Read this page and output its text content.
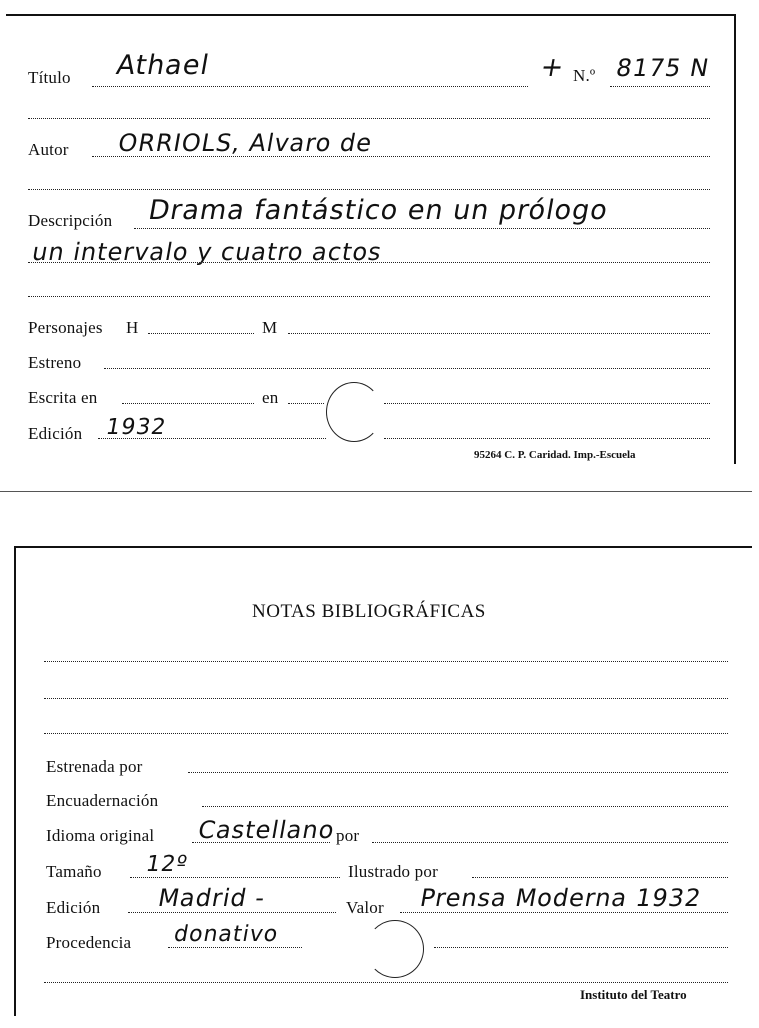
Título Athael	+ N.º 8175 N
Autor ORRIOLS, Alvaro de
Descripción Drama fantástico en un prólogo
un intervalo y cuatro actos
Personajes H	M
Estreno
Escrita en	en
Edición 1932
95264 C. P. Caridad. Imp.-Escuela
NOTAS BIBLIOGRÁFICAS
Estrenada por
Encuadernación
Idioma original Castellano
por
Tamaño 12º	Ilustrado por
Edición Madrid -	Valor Prensa Moderna 1932
Procedencia donativo
Instituto del Teatro
